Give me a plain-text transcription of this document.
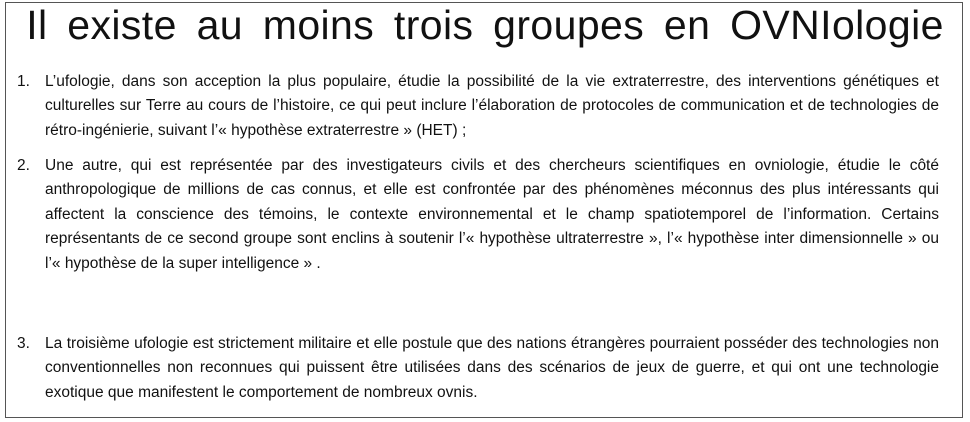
Il existe au moins trois groupes en OVNIologie
1. L’ufologie, dans son acception la plus populaire, étudie la possibilité de la vie extraterrestre, des interventions génétiques et culturelles sur Terre au cours de l’histoire, ce qui peut inclure l’élaboration de protocoles de communication et de technologies de rétro-ingénierie, suivant l’« hypothèse extraterrestre » (HET) ;
2. Une autre, qui est représentée par des investigateurs civils et des chercheurs scientifiques en ovniologie, étudie le côté anthropologique de millions de cas connus, et elle est confrontée par des phénomènes méconnus des plus intéressants qui affectent la conscience des témoins, le contexte environnemental et le champ spatiotemporel de l’information. Certains représentants de ce second groupe sont enclins à soutenir l’« hypothèse ultraterrestre », l’« hypothèse inter dimensionnelle » ou l’« hypothèse de la super intelligence » .
3. La troisième ufologie est strictement militaire et elle postule que des nations étrangères pourraient posséder des technologies non conventionnelles non reconnues qui puissent être utilisées dans des scénarios de jeux de guerre, et qui ont une technologie exotique que manifestent le comportement de nombreux ovnis.
